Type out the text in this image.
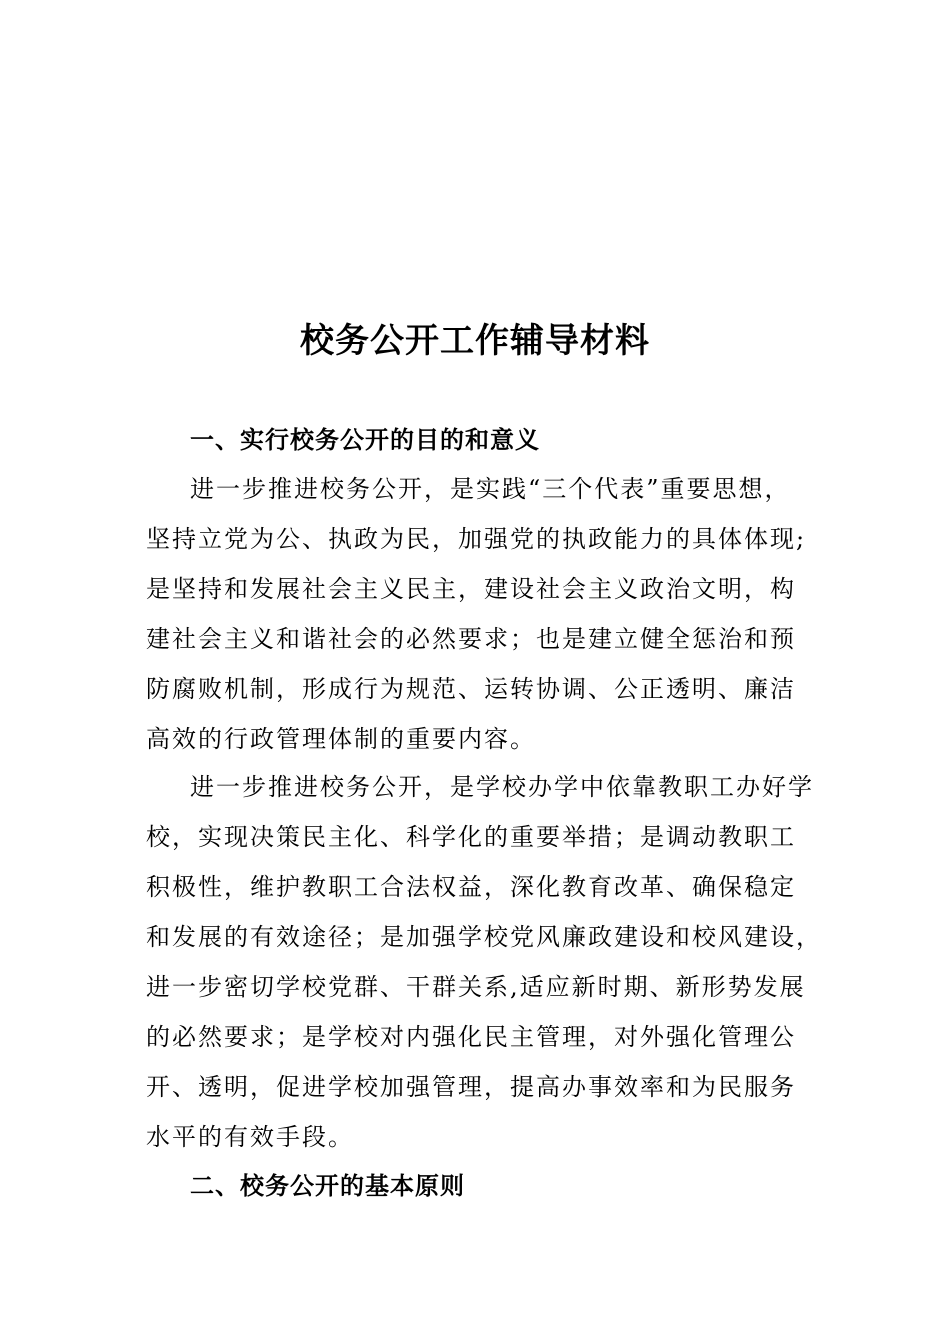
校务公开工作辅导材料
一、实行校务公开的目的和意义
进一步推进校务公开，是实践“三个代表”重要思想，
坚持立党为公、执政为民，加强党的执政能力的具体体现;
是坚持和发展社会主义民主，建设社会主义政治文明，构
建社会主义和谐社会的必然要求；也是建立健全惩治和预
防腐败机制，形成行为规范、运转协调、公正透明、廉洁
高效的行政管理体制的重要内容。
进一步推进校务公开，是学校办学中依靠教职工办好学
校，实现决策民主化、科学化的重要举措；是调动教职工
积极性，维护教职工合法权益，深化教育改革、确保稳定
和发展的有效途径；是加强学校党风廉政建设和校风建设，
进一步密切学校党群、干群关系,适应新时期、新形势发展
的必然要求；是学校对内强化民主管理，对外强化管理公
开、透明，促进学校加强管理，提高办事效率和为民服务
水平的有效手段。
二、校务公开的基本原则
